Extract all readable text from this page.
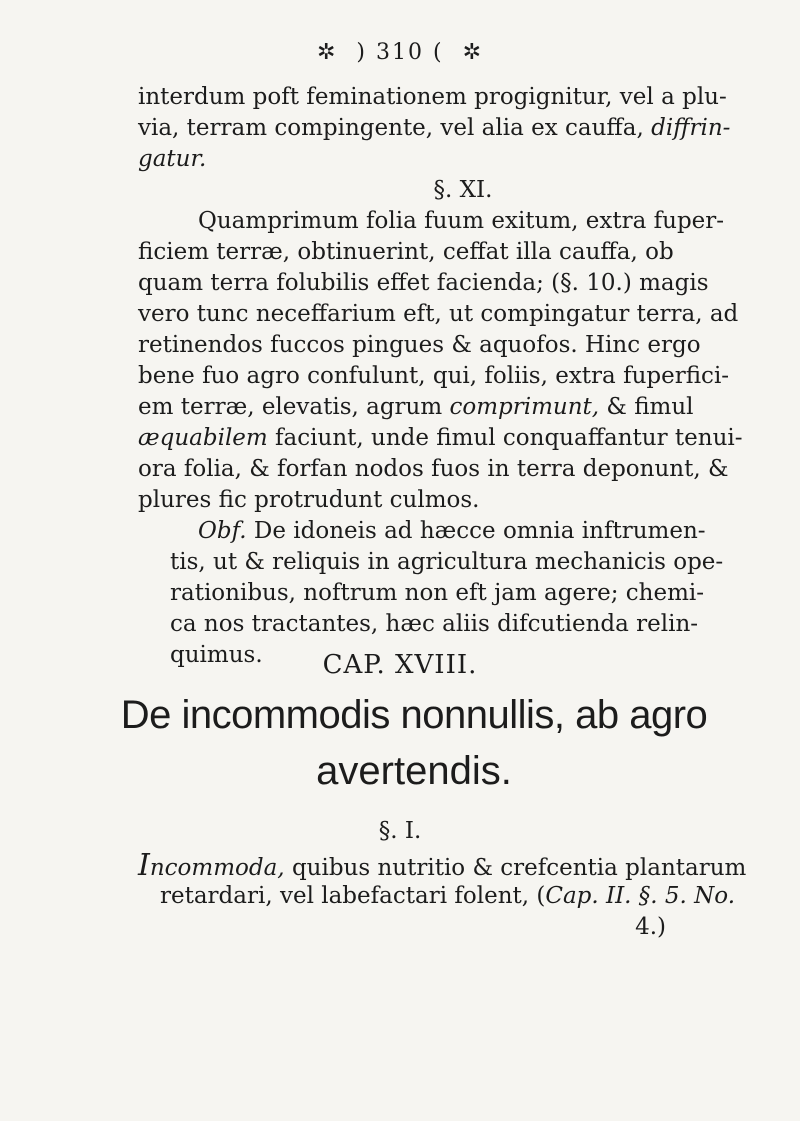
✲ ) 310 ( ✲
interdum poft feminationem progignitur, vel a plu-
via, terram compingente, vel alia ex cauffa, diffrin-
gatur.
§. XI.
Quamprimum folia fuum exitum, extra fuper-
ficiem terræ, obtinuerint, ceffat illa cauffa, ob
quam terra folubilis effet facienda; (§. 10.) magis
vero tunc neceffarium eft, ut compingatur terra, ad
retinendos fuccos pingues & aquofos. Hinc ergo
bene fuo agro confulunt, qui, foliis, extra fuperfici-
em terræ, elevatis, agrum comprimunt, & fimul
æquabilem faciunt, unde fimul conquaffantur tenui-
ora folia, & forfan nodos fuos in terra deponunt, &
plures fic protrudunt culmos.
Obf. De idoneis ad hæcce omnia inftrumen-
tis, ut & reliquis in agricultura mechanicis ope-
rationibus, noftrum non eft jam agere; chemi-
ca nos tractantes, hæc aliis difcutienda relin-
quimus.	CAP. XVIII.
De incommodis nonnullis, ab agro
avertendis.
§. I.
Incommoda, quibus nutritio & crefcentia plantarum
retardari, vel labefactari folent, (Cap. II. §. 5. No.
4.)
